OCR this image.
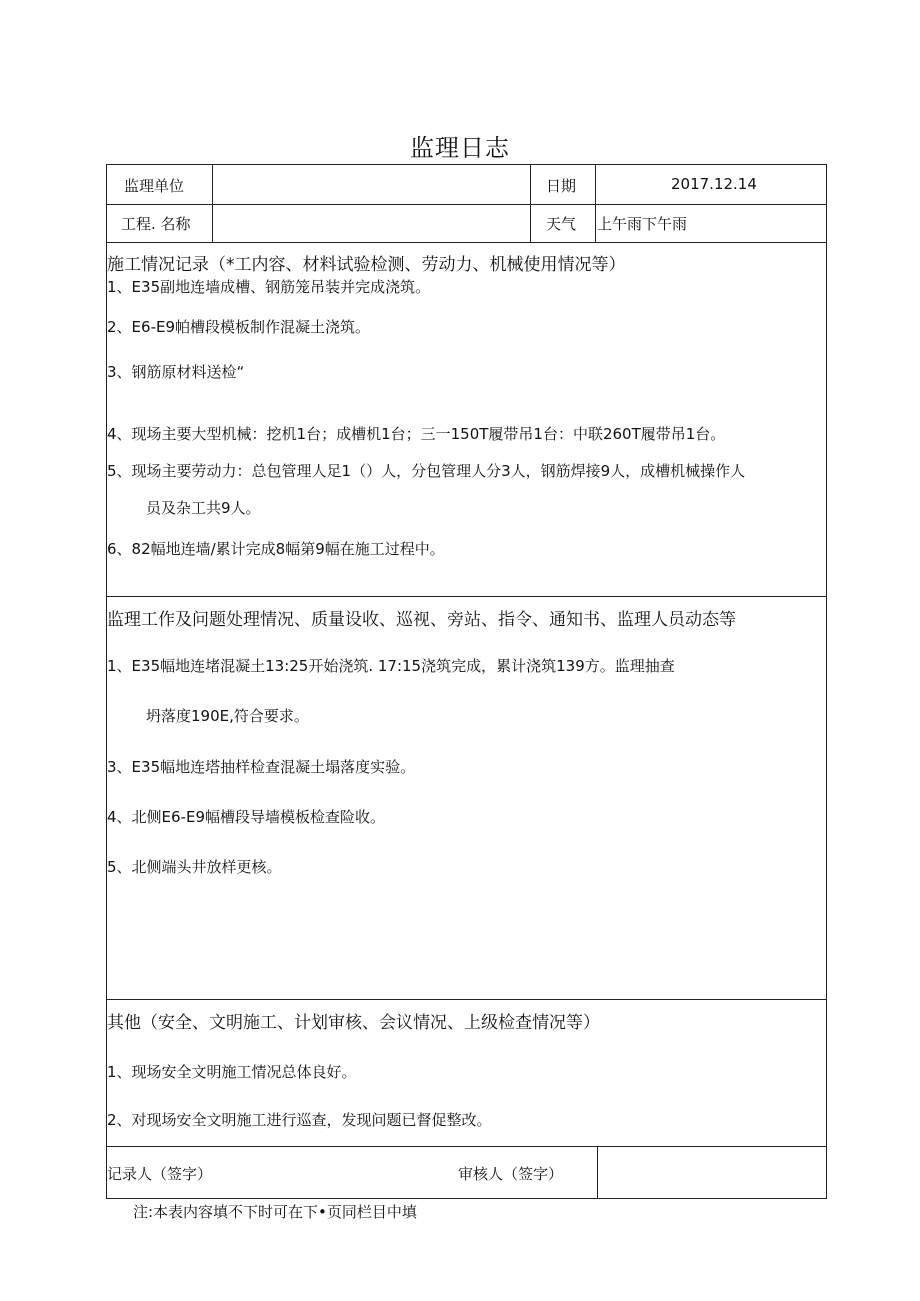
监理日志
监理单位	日期	2017.12.14
工程. 名称	天气 上午雨下午雨
施工情况记录（*工内容、材料试验检测、劳动力、机械使用情况等）
1、E35副地连墙成槽、钢筋笼吊装并完成浇筑。
2、E6-E9帕槽段模板制作混凝土浇筑。
3、钢筋原材料送检“
4、现场主要大型机械：挖机1台；成槽机1台；三一150T履带吊1台：中联260T履带吊1台。
5、现场主要劳动力：总包管理人足1（）人，分包管理人分3人，钢筋焊接9人，成槽机械操作人
员及杂工共9人。
6、82幅地连墙/累计完成8幅第9幅在施工过程中。
监理工作及问题处理情况、质量设收、巡视、旁站、指令、通知书、监理人员动态等
1、E35幅地连堵混凝土13:25开始浇筑. 17:15浇筑完成，累计浇筑139方。监理抽查
坍落度190E,符合要求。
3、E35幅地连塔抽样检查混凝土塌落度实验。
4、北侧E6-E9幅槽段导墙模板检查险收。
5、北侧端头井放样更核。
其他（安全、文明施工、计划审核、会议情况、上级检查情况等）
1、现场安全文明施工情况总体良好。
2、对现场安全文明施工进行巡查，发现问题已督促整改。
记录人（签字）	审核人（签字）
注:本表内容填不下时可在下•页同栏目中填
